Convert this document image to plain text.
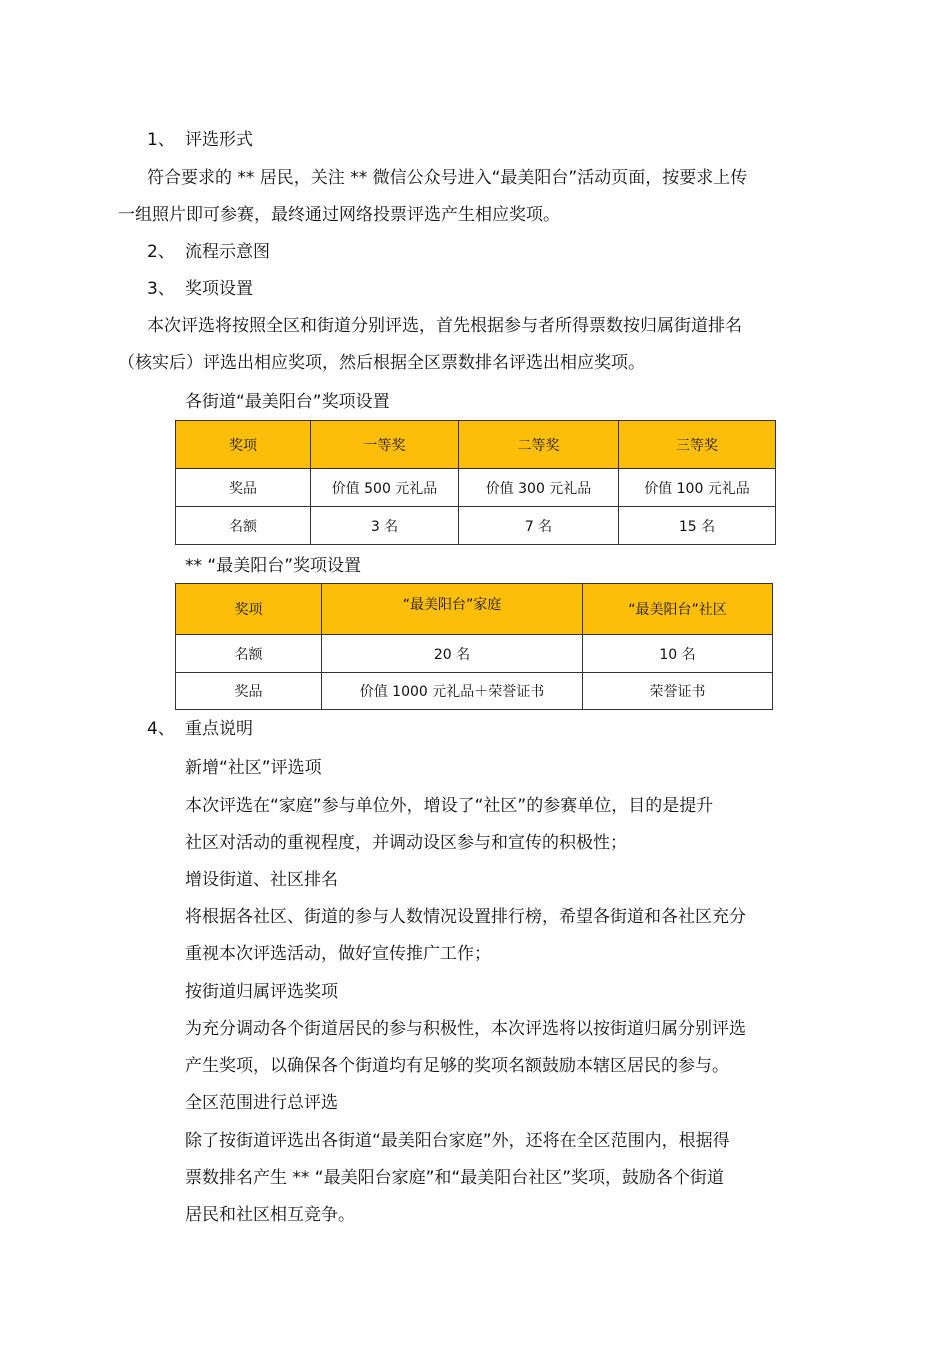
1、 评选形式
符合要求的 ** 居民，关注 ** 微信公众号进入“最美阳台”活动页面，按要求上传
一组照片即可参赛，最终通过网络投票评选产生相应奖项。
2、 流程示意图
3、 奖项设置
本次评选将按照全区和街道分别评选，首先根据参与者所得票数按归属街道排名
（核实后）评选出相应奖项，然后根据全区票数排名评选出相应奖项。
各街道“最美阳台”奖项设置
奖项	一等奖	二等奖	三等奖
奖品	价值 500 元礼品	价值 300 元礼品	价值 100 元礼品
名额	3 名	7 名	15 名
** “最美阳台”奖项设置
奖项	“最美阳台”家庭	“最美阳台”社区
名额	20 名	10 名
奖品	价值 1000 元礼品＋荣誉证书	荣誉证书
4、 重点说明
新增“社区”评选项
本次评选在“家庭”参与单位外，增设了“社区”的参赛单位，目的是提升
社区对活动的重视程度，并调动设区参与和宣传的积极性；
增设街道、社区排名
将根据各社区、街道的参与人数情况设置排行榜，希望各街道和各社区充分
重视本次评选活动，做好宣传推广工作；
按街道归属评选奖项
为充分调动各个街道居民的参与积极性，本次评选将以按街道归属分别评选
产生奖项，以确保各个街道均有足够的奖项名额鼓励本辖区居民的参与。
全区范围进行总评选
除了按街道评选出各街道“最美阳台家庭”外，还将在全区范围内，根据得
票数排名产生 ** “最美阳台家庭”和“最美阳台社区”奖项，鼓励各个街道
居民和社区相互竞争。
